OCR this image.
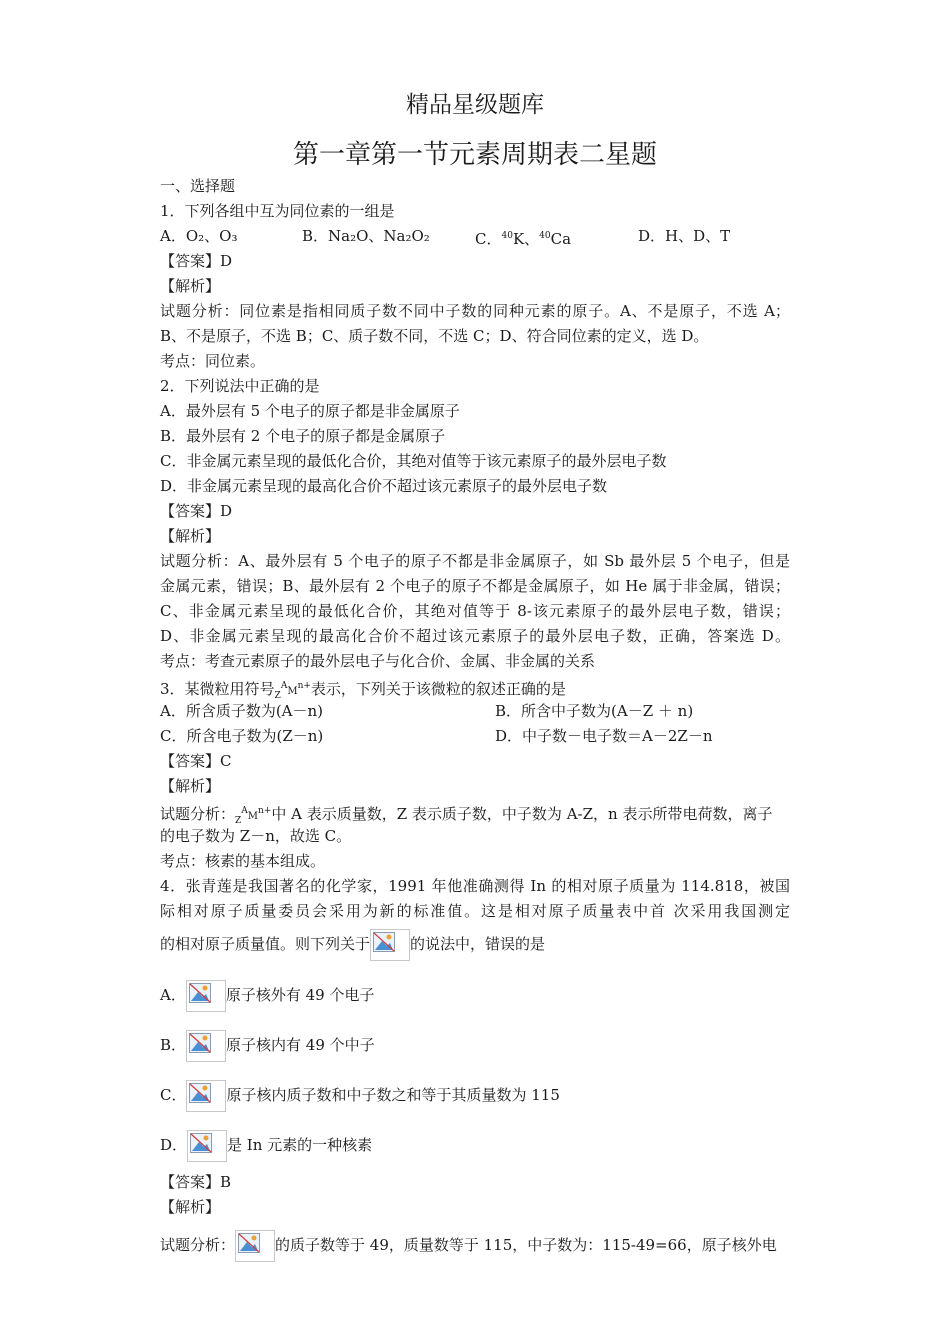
精品星级题库
第一章第一节元素周期表二星题
一、选择题
1．下列各组中互为同位素的一组是
A．O₂、O₃	B．Na₂O、Na₂O₂	C．$^{40}$K、$^{40}$Ca	D．H、D、T
【答案】D
【解析】
试题分析：同位素是指相同质子数不同中子数的同种元素的原子。A、不是原子，不选 A；
B、不是原子，不选 B；C、质子数不同，不选 C；D、符合同位素的定义，选 D。
考点：同位素。
2．下列说法中正确的是
A．最外层有 5 个电子的原子都是非金属原子
B．最外层有 2 个电子的原子都是金属原子
C．非金属元素呈现的最低化合价，其绝对值等于该元素原子的最外层电子数
D．非金属元素呈现的最高化合价不超过该元素原子的最外层电子数
【答案】D
【解析】
试题分析：A、最外层有 5 个电子的原子不都是非金属原子，如 Sb 最外层 5 个电子，但是
金属元素，错误；B、最外层有 2 个电子的原子不都是金属原子，如 He 属于非金属，错误；
C、非金属元素呈现的最低化合价，其绝对值等于 8-该元素原子的最外层电子数，错误；
D、非金属元素呈现的最高化合价不超过该元素原子的最外层电子数，正确，答案选 D。
考点：考查元素原子的最外层电子与化合价、金属、非金属的关系
3．某微粒用符号$_Z^AM^{n+}$表示，下列关于该微粒的叙述正确的是
A．所含质子数为(A－n)	B．所含中子数为(A－Z ＋ n)
C．所含电子数为(Z－n)	D．中子数－电子数＝A－2Z－n
【答案】C
【解析】
试题分析：$_Z^AM^{n+}$中 A 表示质量数，Z 表示质子数，中子数为 A-Z，n 表示所带电荷数，离子
的电子数为 Z－n，故选 C。
考点：核素的基本组成。
4．张青莲是我国著名的化学家，1991 年他准确测得 In 的相对原子质量为 114.818，被国
际相对原子质量委员会采用为新的标准值。这是相对原子质量表中首 次采用我国测定
的相对原子质量值。则下列关于	的说法中，错误的是
A．	原子核外有 49 个电子
B．	原子核内有 49 个中子
C．	原子核内质子数和中子数之和等于其质量数为 115
D．	是 In 元素的一种核素
【答案】B
【解析】
试题分析：	的质子数等于 49，质量数等于 115，中子数为：115-49=66，原子核外电
